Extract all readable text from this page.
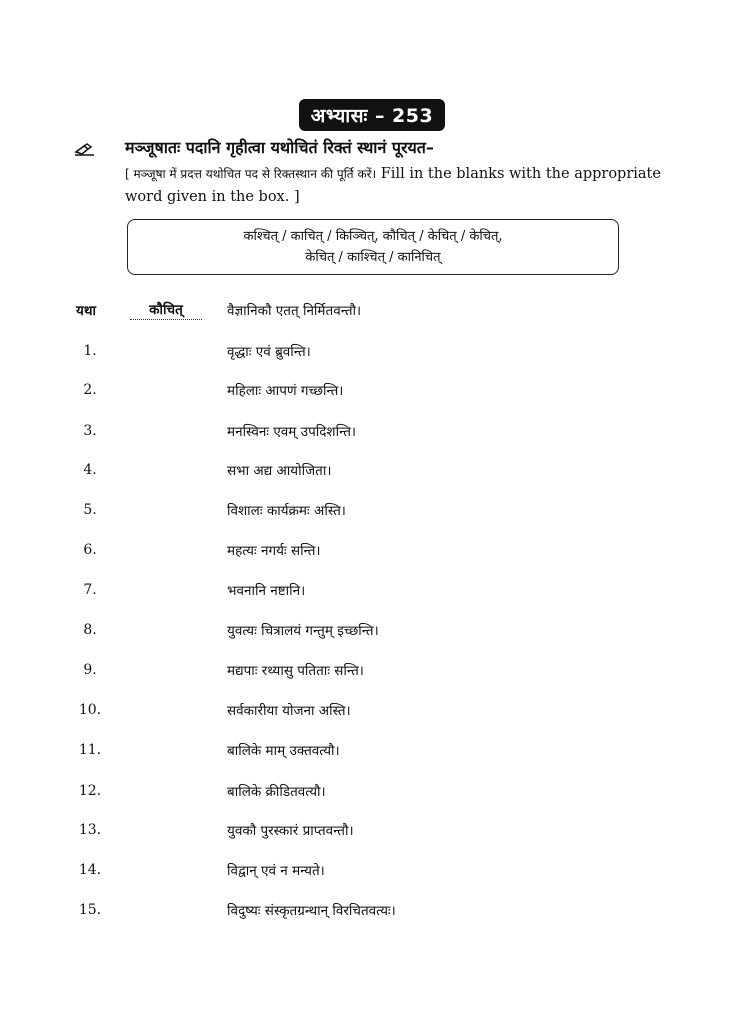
अभ्यासः – 253
मञ्जूषातः पदानि गृहीत्वा यथोचितं रिक्तं स्थानं पूरयत–
[ मञ्जूषा में प्रदत्त यथोचित पद से रिक्तस्थान की पूर्ति करें। Fill in the blanks with the appropriate word given in the box. ]
कश्चित् / काचित् / किञ्चित्, कौचित् / केचित् / केचित्,
केचित् / काश्चित् / कानिचित्
यथा	कौचित्	वैज्ञानिकौ एतत् निर्मितवन्तौ।
1.	वृद्धाः एवं ब्रुवन्ति।
2.	महिलाः आपणं गच्छन्ति।
3.	मनस्विनः एवम् उपदिशन्ति।
4.	सभा अद्य आयोजिता।
5.	विशालः कार्यक्रमः अस्ति।
6.	महत्यः नगर्यः सन्ति।
7.	भवनानि नष्टानि।
8.	युवत्यः चित्रालयं गन्तुम् इच्छन्ति।
9.	मद्यपाः रथ्यासु पतिताः सन्ति।
10.	सर्वकारीया योजना अस्ति।
11.	बालिके माम् उक्तवत्यौ।
12.	बालिके क्रीडितवत्यौ।
13.	युवकौ पुरस्कारं प्राप्तवन्तौ।
14.	विद्वान् एवं न मन्यते।
15.	विदुष्यः संस्कृतग्रन्थान् विरचितवत्यः।
